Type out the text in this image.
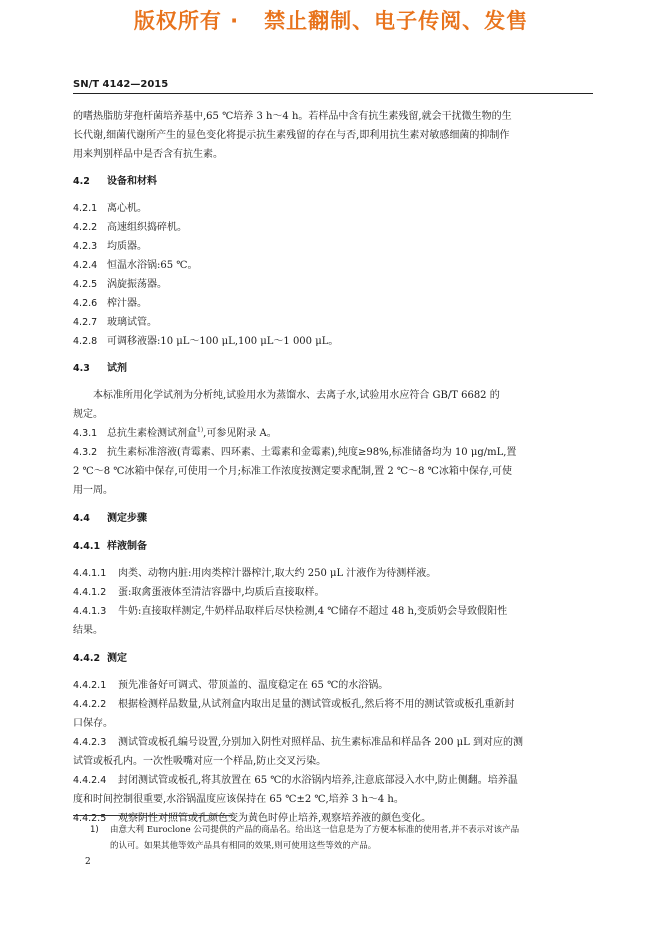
版权所有 ·   禁止翻制、电子传阅、发售
SN/T 4142—2015

的嗜热脂肪芽孢杆菌培养基中,65 ℃培养 3 h～4 h。若样品中含有抗生素残留,就会干扰微生物的生

长代谢,细菌代谢所产生的显色变化将提示抗生素残留的存在与否,即利用抗生素对敏感细菌的抑制作

用来判别样品中是否含有抗生素。

4.2 设备和材料

4.2.1 离心机。

4.2.2 高速组织捣碎机。

4.2.3 均质器。

4.2.4 恒温水浴锅:65 ℃。

4.2.5 涡旋振荡器。

4.2.6 榨汁器。

4.2.7 玻璃试管。

4.2.8 可调移液器:10 μL～100 μL,100 μL～1 000 μL。

4.3 试剂

本标准所用化学试剂为分析纯,试验用水为蒸馏水、去离子水,试验用水应符合 GB/T 6682 的

规定。

4.3.1 总抗生素检测试剂盒$^{1)}$,可参见附录 A。

4.3.2 抗生素标准溶液(青霉素、四环素、土霉素和金霉素),纯度≥98%,标准储备均为 10 μg/mL,置

2 ℃～8 ℃冰箱中保存,可使用一个月;标准工作浓度按测定要求配制,置 2 ℃～8 ℃冰箱中保存,可使

用一周。

4.4 测定步骤

4.4.1 样液制备

4.4.1.1 肉类、动物内脏:用肉类榨汁器榨汁,取大约 250 μL 汁液作为待测样液。

4.4.1.2 蛋:取禽蛋液体至清洁容器中,均质后直接取样。

4.4.1.3 牛奶:直接取样测定,牛奶样品取样后尽快检测,4 ℃储存不超过 48 h,变质奶会导致假阳性

结果。

4.4.2 测定

4.4.2.1 预先准备好可调式、带顶盖的、温度稳定在 65 ℃的水浴锅。

4.4.2.2 根据检测样品数量,从试剂盒内取出足量的测试管或板孔,然后将不用的测试管或板孔重新封

口保存。

4.4.2.3 测试管或板孔编号设置,分别加入阴性对照样品、抗生素标准品和样品各 200 μL 到对应的测

试管或板孔内。一次性吸嘴对应一个样品,防止交叉污染。

4.4.2.4 封闭测试管或板孔,将其放置在 65 ℃的水浴锅内培养,注意底部浸入水中,防止侧翻。培养温

度和时间控制很重要,水浴锅温度应该保持在 65 ℃±2 ℃,培养 3 h～4 h。

4.4.2.5 观察阴性对照管或孔颜色变为黄色时停止培养,观察培养液的颜色变化。

1) 由意大利 Euroclone 公司提供的产品的商品名。给出这一信息是为了方便本标准的使用者,并不表示对该产品
的认可。如果其他等效产品具有相同的效果,则可使用这些等效的产品。
2
